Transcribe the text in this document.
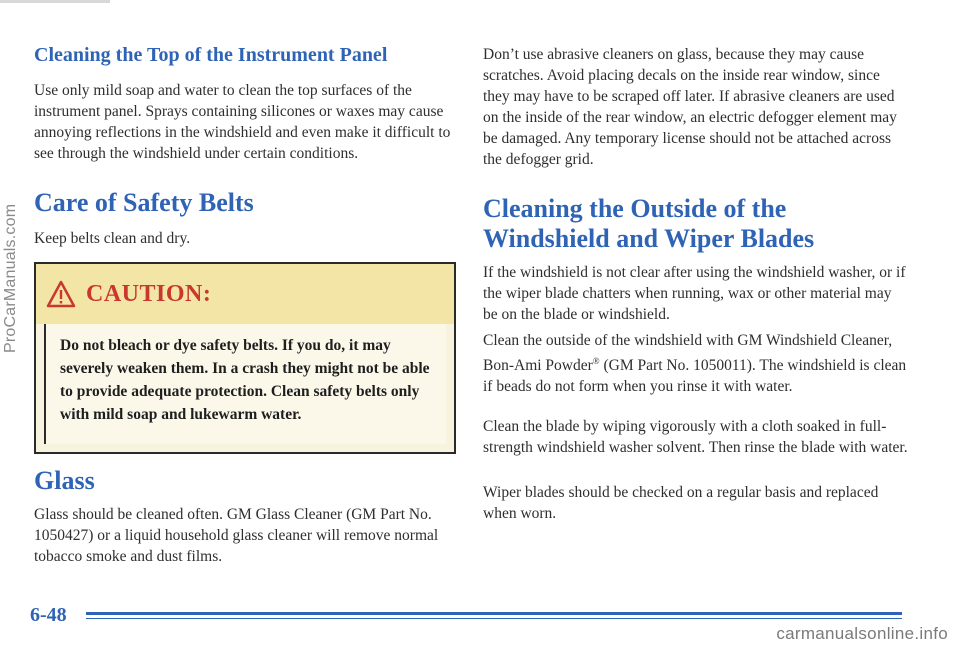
ProCarManuals.com
Cleaning the Top of the Instrument Panel

Use only mild soap and water to clean the top surfaces of the instrument panel. Sprays containing silicones or waxes may cause annoying reflections in the windshield and even make it difficult to see through the windshield under certain conditions.

Care of Safety Belts

Keep belts clean and dry.

CAUTION:

Do not bleach or dye safety belts. If you do, it may severely weaken them. In a crash they might not be able to provide adequate protection. Clean safety belts only with mild soap and lukewarm water.

Glass

Glass should be cleaned often. GM Glass Cleaner (GM Part No. 1050427) or a liquid household glass cleaner will remove normal tobacco smoke and dust films.

Don’t use abrasive cleaners on glass, because they may cause scratches. Avoid placing decals on the inside rear window, since they may have to be scraped off later. If abrasive cleaners are used on the inside of the rear window, an electric defogger element may be damaged. Any temporary license should not be attached across the defogger grid.

Cleaning the Outside of the Windshield and Wiper Blades

If the windshield is not clear after using the windshield washer, or if the wiper blade chatters when running, wax or other material may be on the blade or windshield.

Clean the outside of the windshield with GM Windshield Cleaner, Bon-Ami Powder® (GM Part No. 1050011). The windshield is clean if beads do not form when you rinse it with water.

Clean the blade by wiping vigorously with a cloth soaked in full-strength windshield washer solvent. Then rinse the blade with water.

Wiper blades should be checked on a regular basis and replaced when worn.

6-48
carmanualsonline.info
